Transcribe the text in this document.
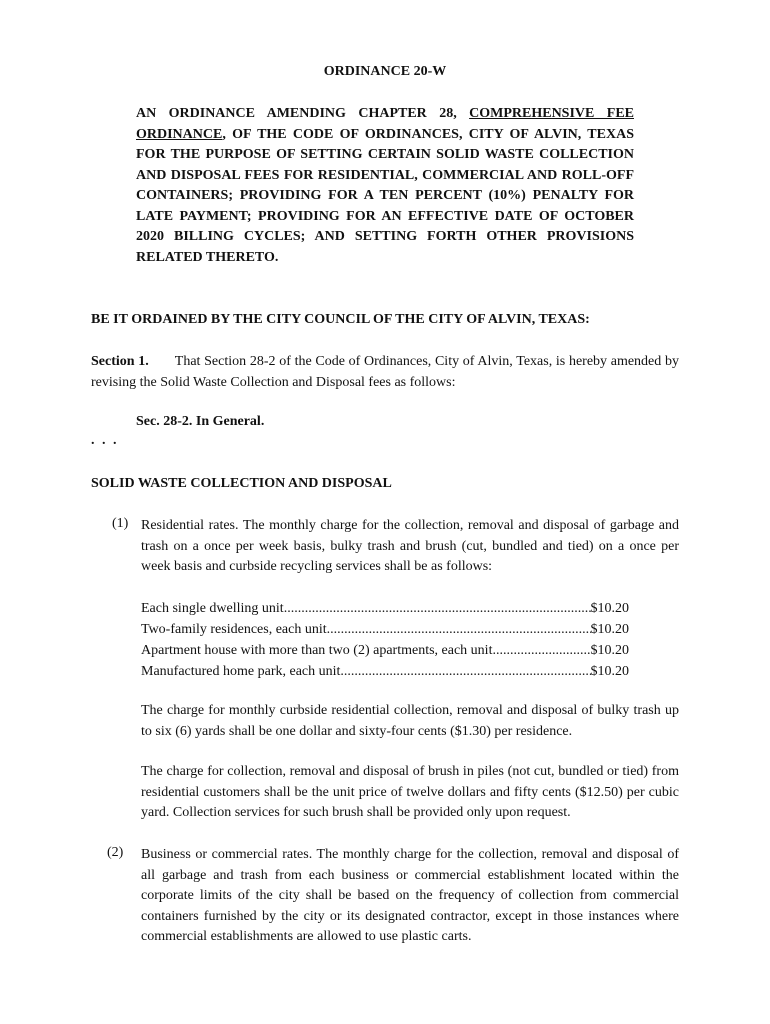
ORDINANCE 20-W
AN ORDINANCE AMENDING CHAPTER 28, COMPREHENSIVE FEE ORDINANCE, OF THE CODE OF ORDINANCES, CITY OF ALVIN, TEXAS FOR THE PURPOSE OF SETTING CERTAIN SOLID WASTE COLLECTION AND DISPOSAL FEES FOR RESIDENTIAL, COMMERCIAL AND ROLL-OFF CONTAINERS; PROVIDING FOR A TEN PERCENT (10%) PENALTY FOR LATE PAYMENT; PROVIDING FOR AN EFFECTIVE DATE OF OCTOBER 2020 BILLING CYCLES; AND SETTING FORTH OTHER PROVISIONS RELATED THERETO.
BE IT ORDAINED BY THE CITY COUNCIL OF THE CITY OF ALVIN, TEXAS:
Section 1. That Section 28-2 of the Code of Ordinances, City of Alvin, Texas, is hereby amended by revising the Solid Waste Collection and Disposal fees as follows:
Sec. 28-2. In General.
. . .
SOLID WASTE COLLECTION AND DISPOSAL
(1) Residential rates. The monthly charge for the collection, removal and disposal of garbage and trash on a once per week basis, bulky trash and brush (cut, bundled and tied) on a once per week basis and curbside recycling services shall be as follows:
Each single dwelling unit .....	$10.20
Two-family residences, each unit .....	$10.20
Apartment house with more than two (2) apartments, each unit .....	$10.20
Manufactured home park, each unit .....	$10.20
The charge for monthly curbside residential collection, removal and disposal of bulky trash up to six (6) yards shall be one dollar and sixty-four cents ($1.30) per residence.
The charge for collection, removal and disposal of brush in piles (not cut, bundled or tied) from residential customers shall be the unit price of twelve dollars and fifty cents ($12.50) per cubic yard. Collection services for such brush shall be provided only upon request.
(2) Business or commercial rates. The monthly charge for the collection, removal and disposal of all garbage and trash from each business or commercial establishment located within the corporate limits of the city shall be based on the frequency of collection from commercial containers furnished by the city or its designated contractor, except in those instances where commercial establishments are allowed to use plastic carts.
